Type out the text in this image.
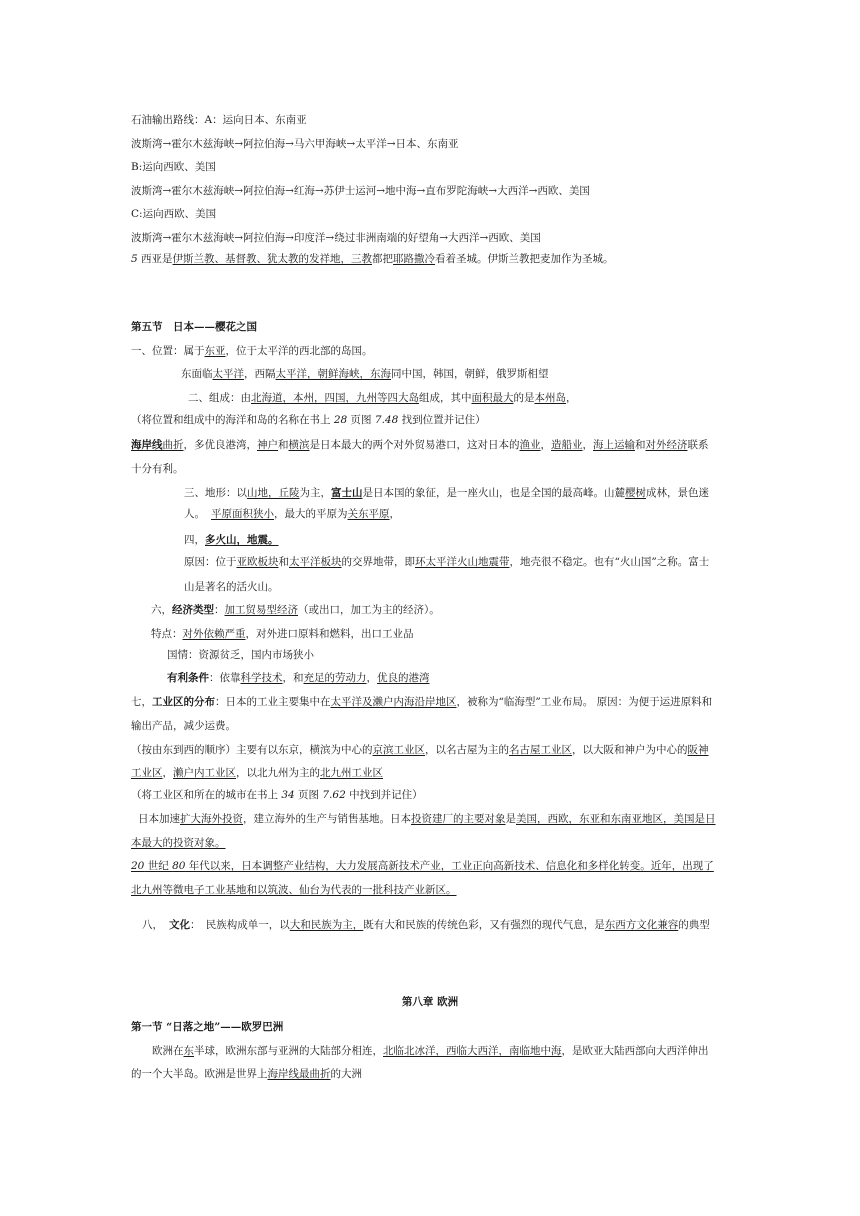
石油输出路线：A：运向日本、东南亚
波斯湾→霍尔木兹海峡→阿拉伯海→马六甲海峡→太平洋→日本、东南亚
B:运向西欧、美国
波斯湾→霍尔木兹海峡→阿拉伯海→红海→苏伊士运河→地中海→直布罗陀海峡→大西洋→西欧、美国
C:运向西欧、美国
波斯湾→霍尔木兹海峡→阿拉伯海→印度洋→绕过非洲南端的好望角→大西洋→西欧、美国
5 西亚是伊斯兰教、基督教、犹太教的发祥地，三教都把耶路撒冷看着圣城。伊斯兰教把麦加作为圣城。
第五节　日本——樱花之国
一、位置：属于东亚，位于太平洋的西北部的岛国。
东面临太平洋，西隔太平洋，朝鲜海峡，东海同中国，韩国，朝鲜，俄罗斯相望
二、组成：由北海道，本州，四国，九州等四大岛组成，其中面积最大的是本州岛，
（将位置和组成中的海洋和岛的名称在书上 28 页图 7.48 找到位置并记住）
海岸线曲折，多优良港湾，神户和横滨是日本最大的两个对外贸易港口，这对日本的渔业，造船业，海上运输和对外经济联系
十分有利。
三、地形：以山地，丘陵为主，富士山是日本国的象征，是一座火山，也是全国的最高峰。山麓樱树成林，景色迷
人。 平原面积狭小，最大的平原为关东平原，
四，多火山，地震。
原因：位于亚欧板块和太平洋板块的交界地带，即环太平洋火山地震带，地壳很不稳定。也有“火山国”之称。富士
山是著名的活火山。
六，经济类型：加工贸易型经济（或出口，加工为主的经济）。
特点：对外依赖严重，对外进口原料和燃料，出口工业品
国情：资源贫乏，国内市场狭小
有利条件：依靠科学技术，和充足的劳动力，优良的港湾
七，工业区的分布：日本的工业主要集中在太平洋及濑户内海沿岸地区，被称为“临海型”工业布局。 原因：为便于运进原料和
输出产品，减少运费。
（按由东到西的顺序）主要有以东京，横滨为中心的京滨工业区，以名古屋为主的名古屋工业区，以大阪和神户为中心的阪神
工业区，濑户内工业区，以北九州为主的北九州工业区
（将工业区和所在的城市在书上 34 页图 7.62 中找到并记住）
日本加速扩大海外投资，建立海外的生产与销售基地。日本投资建厂的主要对象是美国，西欧，东亚和东南亚地区，美国是日
本最大的投资对象。
20 世纪 80 年代以来，日本调整产业结构，大力发展高新技术产业，工业正向高新技术、信息化和多样化转变。近年，出现了
北九州等微电子工业基地和以筑波、仙台为代表的一批科技产业新区。
八， 文化：　民族构成单一，以大和民族为主，既有大和民族的传统色彩，又有强烈的现代气息，是东西方文化兼容的典型
第八章 欧洲
第一节 “日落之地”——欧罗巴洲
欧洲在东半球，欧洲东部与亚洲的大陆部分相连，北临北冰洋，西临大西洋，南临地中海，是欧亚大陆西部向大西洋伸出
的一个大半岛。欧洲是世界上海岸线最曲折的大洲
